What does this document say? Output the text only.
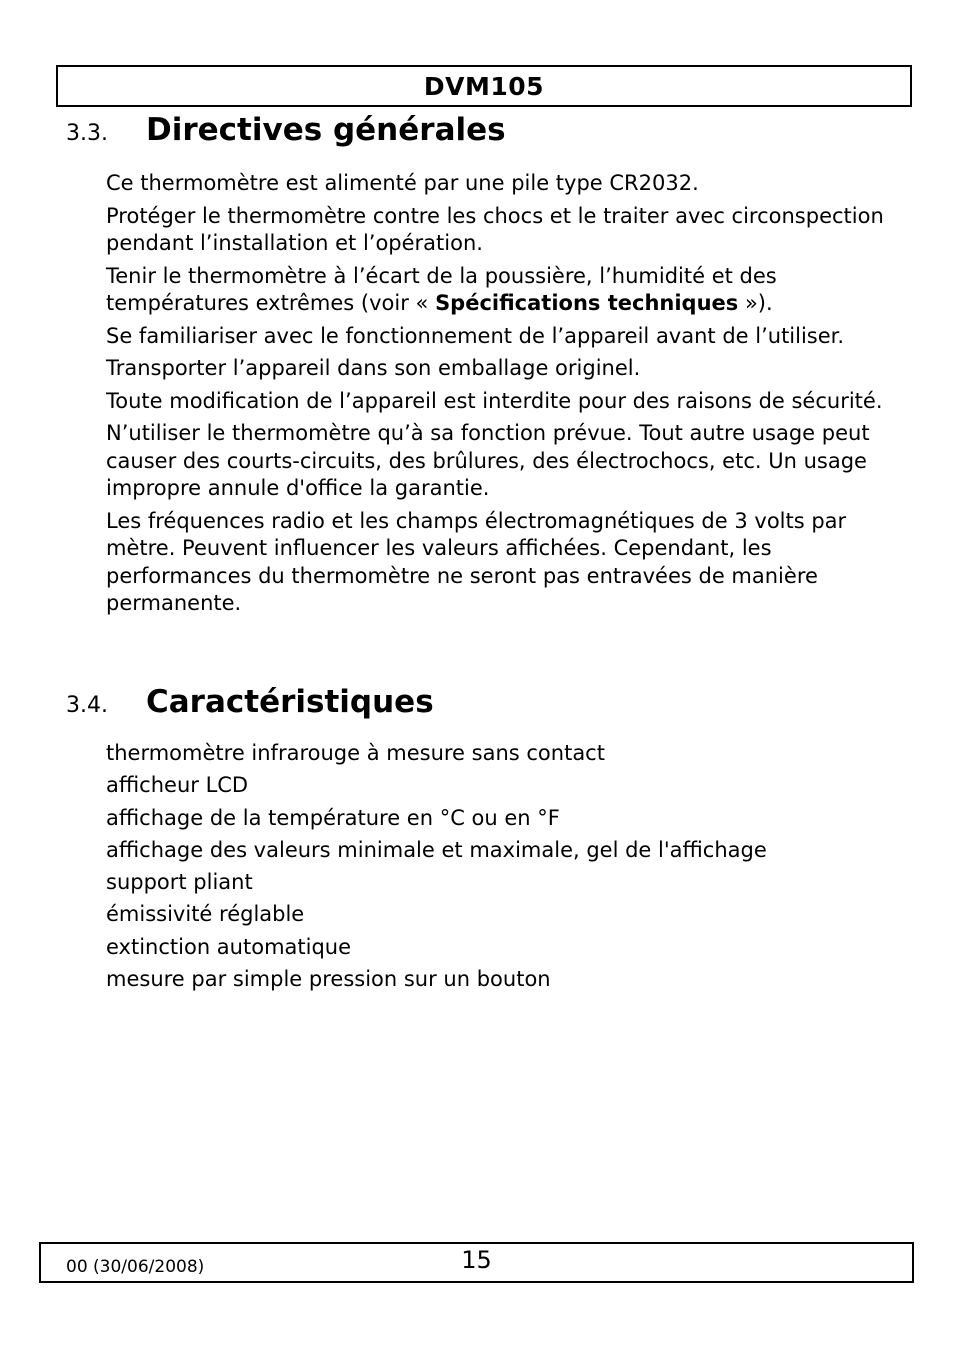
DVM105
3.3.	Directives générales

Ce thermomètre est alimenté par une pile type CR2032.

Protéger le thermomètre contre les chocs et le traiter avec circonspection pendant l’installation et l’opération.

Tenir le thermomètre à l’écart de la poussière, l’humidité et des températures extrêmes (voir « Spécifications techniques »).

Se familiariser avec le fonctionnement de l’appareil avant de l’utiliser.

Transporter l’appareil dans son emballage originel.

Toute modification de l’appareil est interdite pour des raisons de sécurité.

N’utiliser le thermomètre qu’à sa fonction prévue. Tout autre usage peut causer des courts-circuits, des brûlures, des électrochocs, etc. Un usage impropre annule d'office la garantie.

Les fréquences radio et les champs électromagnétiques de 3 volts par mètre. Peuvent influencer les valeurs affichées. Cependant, les performances du thermomètre ne seront pas entravées de manière permanente.

3.4.	Caractéristiques
thermomètre infrarouge à mesure sans contact
afficheur LCD
affichage de la température en °C ou en °F
affichage des valeurs minimale et maximale, gel de l'affichage
support pliant
émissivité réglable
extinction automatique
mesure par simple pression sur un bouton
00 (30/06/2008)	15
